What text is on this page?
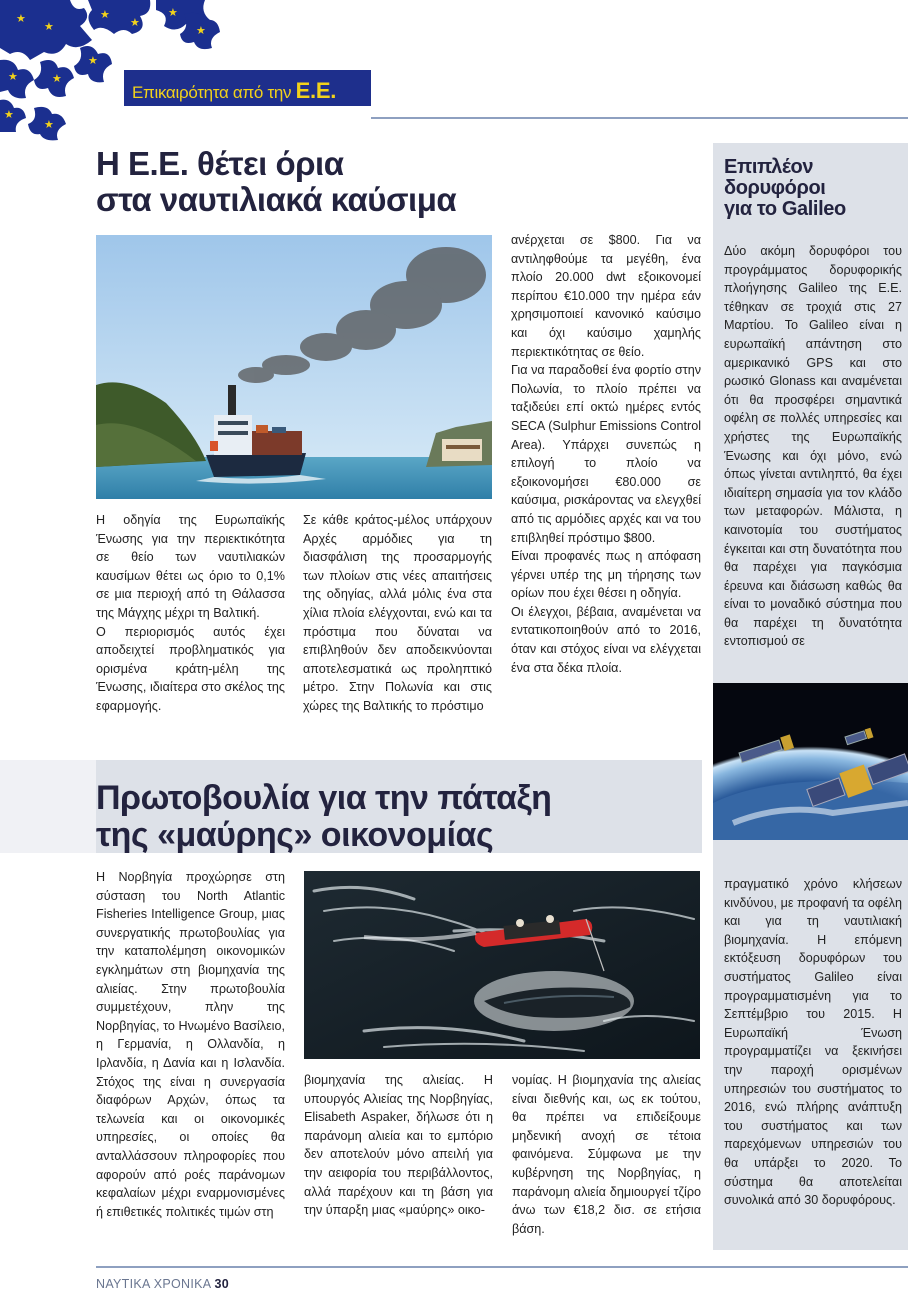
★
★
★
★
★
★
★
★
★
★
★
Επικαιρότητα από την Ε.Ε.
Η Ε.Ε. θέτει όρια
στα ναυτιλιακά καύσιμα

Η οδηγία της Ευρωπαϊκής Ένωσης για την περιεκτικότητα σε θείο των ναυτιλιακών καυσίμων θέτει ως όριο το 0,1% σε μια περιοχή από τη Θάλασσα της Μάγχης μέχρι τη Βαλτική.

Ο περιορισμός αυτός έχει αποδειχτεί προβληματικός για ορισμένα κράτη-μέλη της Ένωσης, ιδιαίτερα στο σκέλος της εφαρμογής.

Σε κάθε κράτος-μέλος υπάρχουν Αρχές αρμόδιες για τη διασφάλιση της προσαρμογής των πλοίων στις νέες απαιτήσεις της οδηγίας, αλλά μόλις ένα στα χίλια πλοία ελέγχονται, ενώ και τα πρόστιμα που δύναται να επιβληθούν δεν αποδεικνύονται αποτελεσματικά ως προληπτικό μέτρο. Στην Πολωνία και στις χώρες της Βαλτικής το πρόστιμο

ανέρχεται σε $800. Για να αντιληφθούμε τα μεγέθη, ένα πλοίο 20.000 dwt εξοικονομεί περίπου €10.000 την ημέρα εάν χρησιμοποιεί κανονικό καύσιμο και όχι καύσιμο χαμηλής περιεκτικότητας σε θείο.

Για να παραδοθεί ένα φορτίο στην Πολωνία, το πλοίο πρέπει να ταξιδεύει επί οκτώ ημέρες εντός SECA (Sulphur Emissions Control Area). Υπάρχει συνεπώς η επιλογή το πλοίο να εξοικονομήσει €80.000 σε καύσιμα, ρισκάροντας να ελεγχθεί από τις αρμόδιες αρχές και να του επιβληθεί πρόστιμο $800.

Είναι προφανές πως η απόφαση γέρνει υπέρ της μη τήρησης των ορίων που έχει θέσει η οδηγία.

Οι έλεγχοι, βέβαια, αναμένεται να εντατικοποιηθούν από το 2016, όταν και στόχος είναι να ελέγχεται ένα στα δέκα πλοία.

Επιπλέον
δορυφόροι
για το Galileo

Δύο ακόμη δορυφόροι του προγράμματος δορυφορικής πλοήγησης Galileo της Ε.Ε. τέθηκαν σε τροχιά στις 27 Μαρτίου. Το Galileo είναι η ευρωπαϊκή απάντηση στο αμερικανικό GPS και στο ρωσικό Glonass και αναμένεται ότι θα προσφέρει σημαντικά οφέλη σε πολλές υπηρεσίες και χρήστες της Ευρωπαϊκής Ένωσης και όχι μόνο, ενώ όπως γίνεται αντιληπτό, θα έχει ιδιαίτερη σημασία για τον κλάδο των μεταφορών. Μάλιστα, η καινοτομία του συστήματος έγκειται και στη δυνατότητα που θα παρέχει για παγκόσμια έρευνα και διάσωση καθώς θα είναι το μοναδικό σύστημα που θα παρέχει τη δυνατότητα εντοπισμού σε

πραγματικό χρόνο κλήσεων κινδύνου, με προφανή τα οφέλη και για τη ναυτιλιακή βιομηχανία. Η επόμενη εκτόξευση δορυφόρων του συστήματος Galileo είναι προγραμματισμένη για το Σεπτέμβριο του 2015. Η Ευρωπαϊκή Ένωση προγραμματίζει να ξεκινήσει την παροχή ορισμένων υπηρεσιών του συστήματος το 2016, ενώ πλήρης ανάπτυξη του συστήματος και των παρεχόμενων υπηρεσιών του θα υπάρξει το 2020. Το σύστημα θα αποτελείται συνολικά από 30 δορυφόρους.

Πρωτοβουλία για την πάταξη
της «μαύρης» οικονομίας

Η Νορβηγία προχώρησε στη σύσταση του North Atlantic Fisheries Intelligence Group, μιας συνεργατικής πρωτοβουλίας για την καταπολέμηση οικονομικών εγκλημάτων στη βιομηχανία της αλιείας. Στην πρωτοβουλία συμμετέχουν, πλην της Νορβηγίας, το Ηνωμένο Βασίλειο, η Γερμανία, η Ολλανδία, η Ιρλανδία, η Δανία και η Ισλανδία. Στόχος της είναι η συνεργασία διαφόρων Αρχών, όπως τα τελωνεία και οι οικονομικές υπηρεσίες, οι οποίες θα ανταλλάσσουν πληροφορίες που αφορούν από ροές παράνομων κεφαλαίων μέχρι εναρμονισμένες ή επιθετικές πολιτικές τιμών στη

βιομηχανία της αλιείας. Η υπουργός Αλιείας της Νορβηγίας, Elisabeth Aspaker, δήλωσε ότι η παράνομη αλιεία και το εμπόριο δεν αποτελούν μόνο απειλή για την αειφορία του περιβάλλοντος, αλλά παρέχουν και τη βάση για την ύπαρξη μιας «μαύρης» οικο-

νομίας. Η βιομηχανία της αλιείας είναι διεθνής και, ως εκ τούτου, θα πρέπει να επιδείξουμε μηδενική ανοχή σε τέτοια φαινόμενα. Σύμφωνα με την κυβέρνηση της Νορβηγίας, η παράνομη αλιεία δημιουργεί τζίρο άνω των €18,2 δισ. σε ετήσια βάση.

ΝΑΥΤΙΚΑ ΧΡΟΝΙΚΑ 30
